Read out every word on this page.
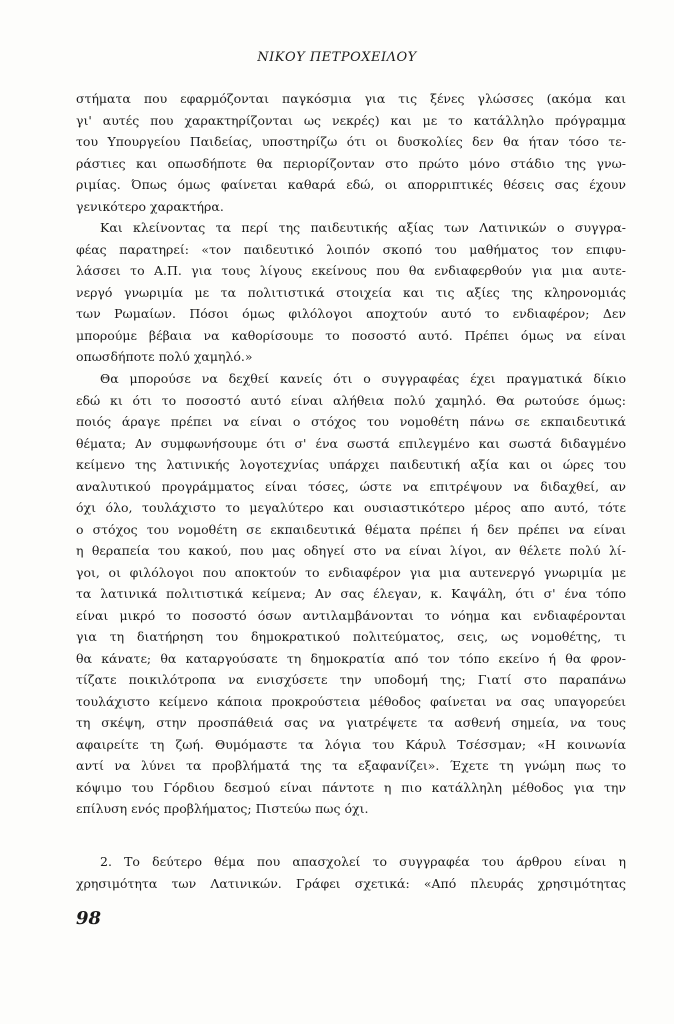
ΝΙΚΟΥ ΠΕΤΡΟΧΕΙΛΟΥ
στήματα που εφαρμόζονται παγκόσμια για τις ξένες γλώσσες (ακόμα και
γι' αυτές που χαρακτηρίζονται ως νεκρές) και με το κατάλληλο πρόγραμμα
του Υπουργείου Παιδείας, υποστηρίζω ότι οι δυσκολίες δεν θα ήταν τόσο τε-
ράστιες και οπωσδήποτε θα περιορίζονταν στο πρώτο μόνο στάδιο της γνω-
ριμίας. Όπως όμως φαίνεται καθαρά εδώ, οι απορριπτικές θέσεις σας έχουν
γενικότερο χαρακτήρα.
Και κλείνοντας τα περί της παιδευτικής αξίας των Λατινικών ο συγγρα-
φέας παρατηρεί: «τον παιδευτικό λοιπόν σκοπό του μαθήματος τον επιφυ-
λάσσει το Α.Π. για τους λίγους εκείνους που θα ενδιαφερθούν για μια αυτε-
νεργό γνωριμία με τα πολιτιστικά στοιχεία και τις αξίες της κληρονομιάς
των Ρωμαίων. Πόσοι όμως φιλόλογοι αποχτούν αυτό το ενδιαφέρον; Δεν
μπορούμε βέβαια να καθορίσουμε το ποσοστό αυτό. Πρέπει όμως να είναι
οπωσδήποτε πολύ χαμηλό.»
Θα μπορούσε να δεχθεί κανείς ότι ο συγγραφέας έχει πραγματικά δίκιο
εδώ κι ότι το ποσοστό αυτό είναι αλήθεια πολύ χαμηλό. Θα ρωτούσε όμως:
ποιός άραγε πρέπει να είναι ο στόχος του νομοθέτη πάνω σε εκπαιδευτικά
θέματα; Αν συμφωνήσουμε ότι σ' ένα σωστά επιλεγμένο και σωστά διδαγμένο
κείμενο της λατινικής λογοτεχνίας υπάρχει παιδευτική αξία και οι ώρες του
αναλυτικού προγράμματος είναι τόσες, ώστε να επιτρέψουν να διδαχθεί, αν
όχι όλο, τουλάχιστο το μεγαλύτερο και ουσιαστικότερο μέρος απο αυτό, τότε
ο στόχος του νομοθέτη σε εκπαιδευτικά θέματα πρέπει ή δεν πρέπει να είναι
η θεραπεία του κακού, που μας οδηγεί στο να είναι λίγοι, αν θέλετε πολύ λί-
γοι, οι φιλόλογοι που αποκτούν το ενδιαφέρον για μια αυτενεργό γνωριμία με
τα λατινικά πολιτιστικά κείμενα; Αν σας έλεγαν, κ. Καψάλη, ότι σ' ένα τόπο
είναι μικρό το ποσοστό όσων αντιλαμβάνονται το νόημα και ενδιαφέρονται
για τη διατήρηση του δημοκρατικού πολιτεύματος, σεις, ως νομοθέτης, τι
θα κάνατε; θα καταργούσατε τη δημοκρατία από τον τόπο εκείνο ή θα φρον-
τίζατε ποικιλότροπα να ενισχύσετε την υποδομή της; Γιατί στο παραπάνω
τουλάχιστο κείμενο κάποια προκρούστεια μέθοδος φαίνεται να σας υπαγορεύει
τη σκέψη, στην προσπάθειά σας να γιατρέψετε τα ασθενή σημεία, να τους
αφαιρείτε τη ζωή. Θυμόμαστε τα λόγια του Κάρυλ Τσέσσμαν; «Η κοινωνία
αντί να λύνει τα προβλήματά της τα εξαφανίζει». Έχετε τη γνώμη πως το
κόψιμο του Γόρδιου δεσμού είναι πάντοτε η πιο κατάλληλη μέθοδος για την
επίλυση ενός προβλήματος; Πιστεύω πως όχι.
2. Το δεύτερο θέμα που απασχολεί το συγγραφέα του άρθρου είναι η
χρησιμότητα των Λατινικών. Γράφει σχετικά: «Από πλευράς χρησιμότητας
98
